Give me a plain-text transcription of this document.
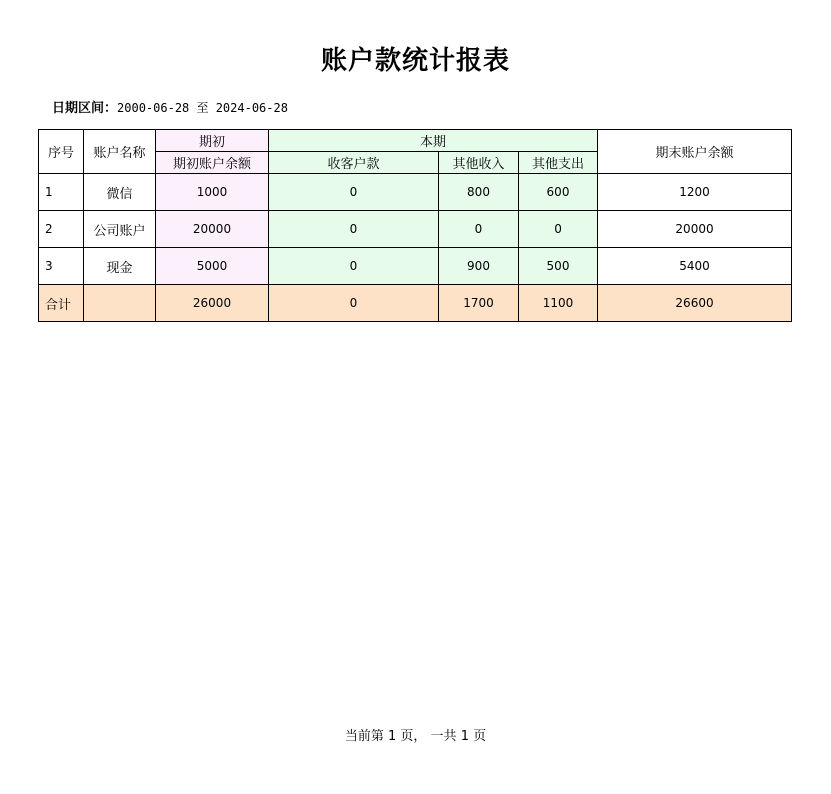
账户款统计报表
日期区间：2000-06-28 至 2024-06-28
序号	账户名称	期初	本期			期末账户余额
		期初账户余额	收客户款	其他收入	其他支出	
1	微信	1000	0	800	600	1200
2	公司账户	20000	0	0	0	20000
3	现金	5000	0	900	500	5400
合计		26000	0	1700	1100	26600
当前第 1 页， 一共 1 页
